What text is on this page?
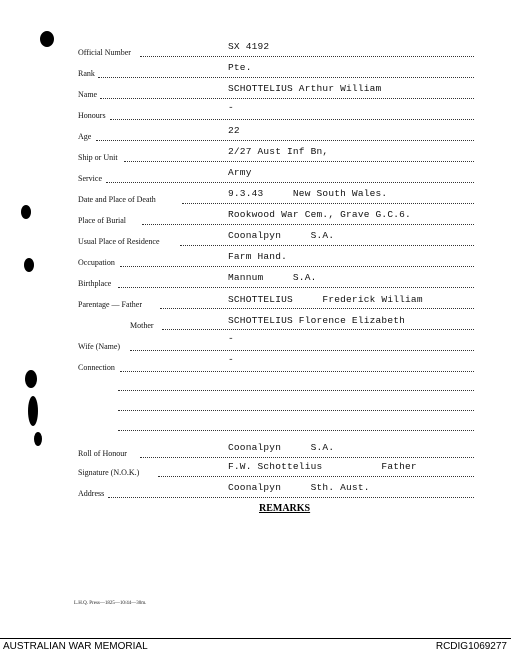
Official Number
SX 4192
Rank
Pte.
Name
SCHOTTELIUS Arthur William
Honours
-
Age
22
Ship or Unit
2/27 Aust Inf Bn,
Service
Army
Date and Place of Death
9.3.43     New South Wales.
Place of Burial
Rookwood War Cem., Grave G.C.6.
Usual Place of Residence
Coonalpyn     S.A.
Occupation
Farm Hand.
Birthplace
Mannum     S.A.
Parentage — Father	SCHOTTELIUS     Frederick William
Mother	SCHOTTELIUS Florence Elizabeth
Wife (Name)
-
Connection
-
Roll of Honour
Coonalpyn     S.A.
Signature (N.O.K.)
F.W. Schottelius          Father
Address
Coonalpyn     Sth. Aust.
REMARKS
L.H.Q. Press—1825—10/44—30m.
AUSTRALIAN WAR MEMORIAL	RCDIG1069277
